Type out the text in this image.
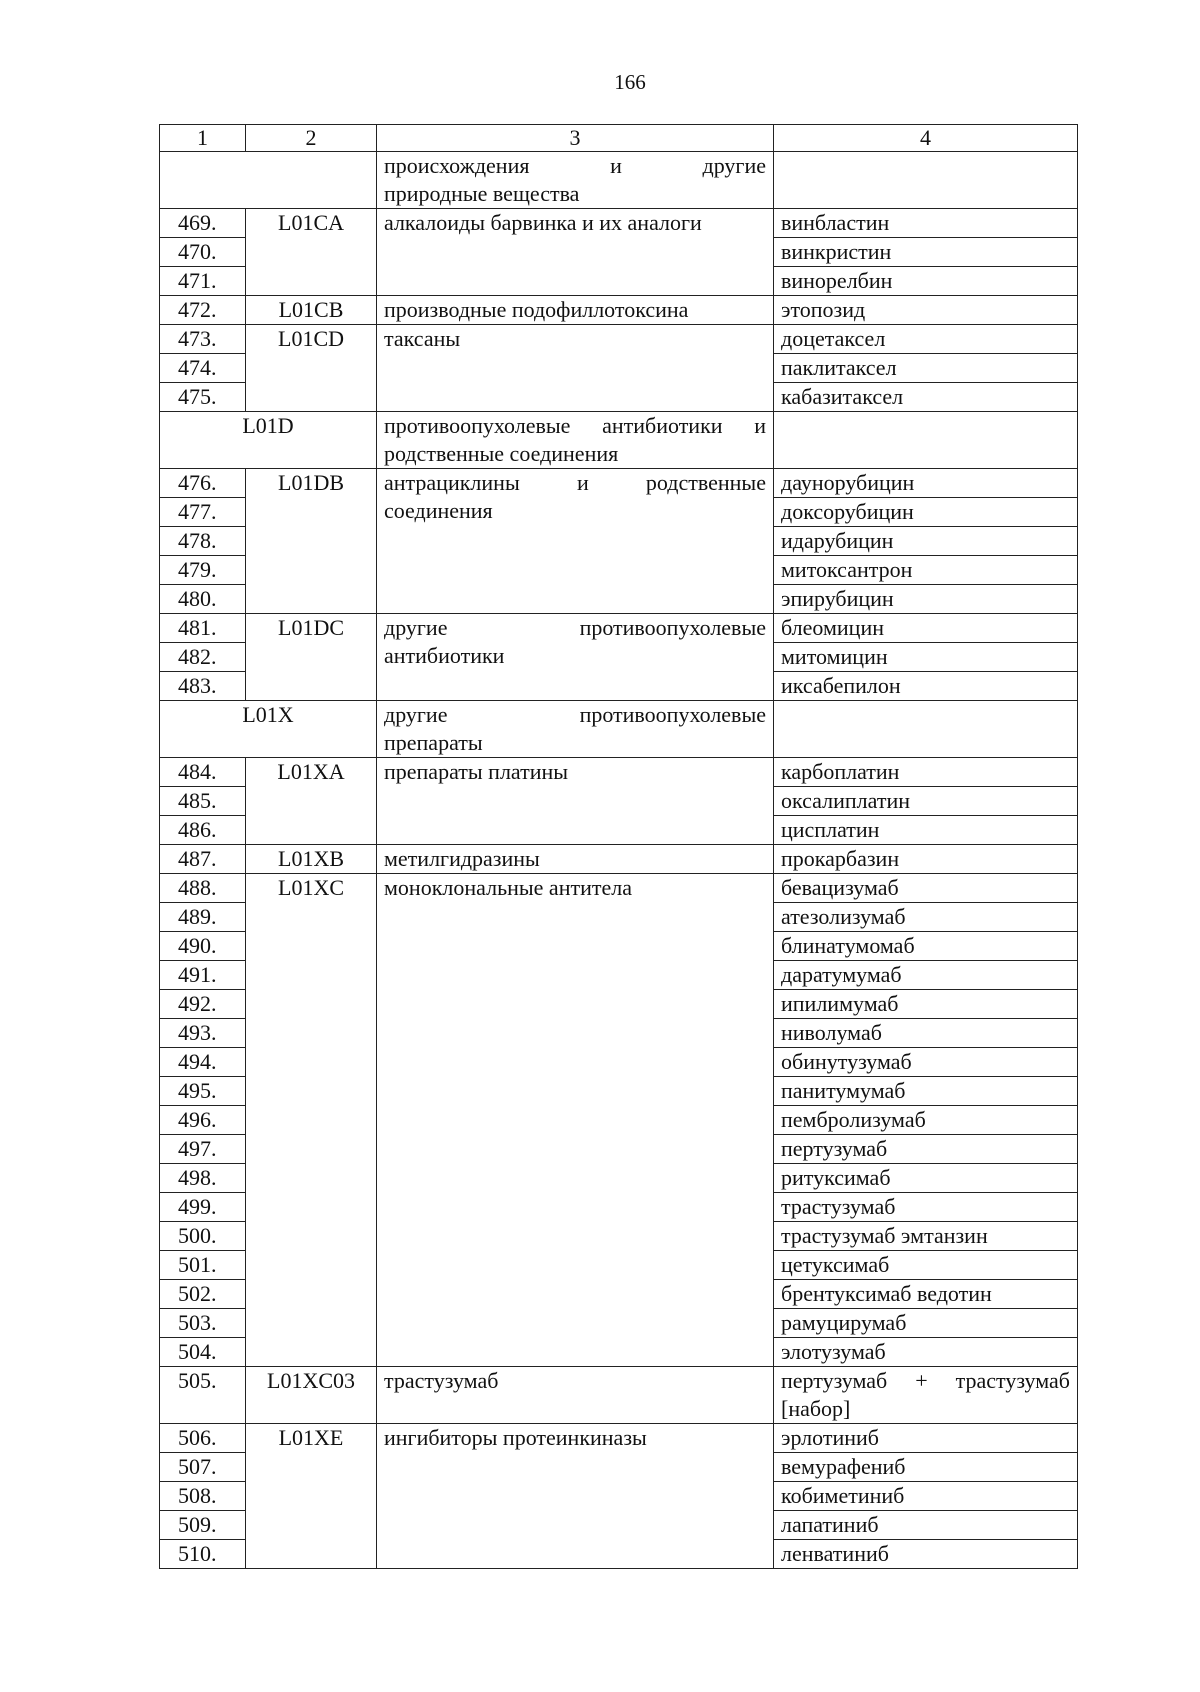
166
1	2	3	4

		происхождения и другие
природные вещества	

469.	L01CA	алкалоиды барвинка и их аналоги	винбластин
470.			винкристин
471.			винорелбин
472.	L01CB	производные подофиллотоксина	этопозид
473.	L01CD	таксаны	доцетаксел
474.			паклитаксел
475.			кабазитаксел
L01D		противоопухолевые антибиотики и
родственные соединения	

476.	L01DB	антрациклины и родственные
соединения	даунорубицин
477.			доксорубицин
478.			идарубицин
479.			митоксантрон
480.			эпирубицин
481.	L01DC	другие противоопухолевые
антибиотики	блеомицин
482.			митомицин
483.			иксабепилон
L01X		другие противоопухолевые
препараты	

484.	L01XA	препараты платины	карбоплатин
485.			оксалиплатин
486.			цисплатин
487.	L01XB	метилгидразины	прокарбазин
488.	L01XC	моноклональные антитела	бевацизумаб
489.			атезолизумаб
490.			блинатумомаб
491.			даратумумаб
492.			ипилимумаб
493.			ниволумаб
494.			обинутузумаб
495.			панитумумаб
496.			пембролизумаб
497.			пертузумаб
498.			ритуксимаб
499.			трастузумаб
500.			трастузумаб эмтанзин
501.			цетуксимаб
502.			брентуксимаб ведотин
503.			рамуцирумаб
504.			элотузумаб
505.	L01XC03	трастузумаб	пертузумаб + трастузумаб
[набор]

506.	L01XE	ингибиторы протеинкиназы	эрлотиниб
507.			вемурафениб
508.			кобиметиниб
509.			лапатиниб
510.			ленватиниб
